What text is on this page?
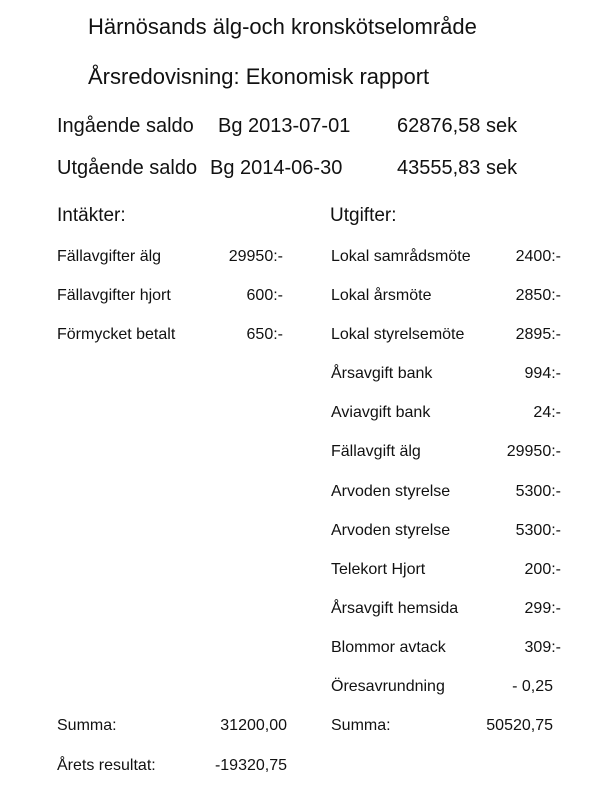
Härnösands älg-och kronskötselområde
Årsredovisning: Ekonomisk rapport
Ingående saldo Bg 2013-07-01 62876,58 sek
Utgående saldo Bg 2014-06-30	43555,83 sek
Intäkter:	Utgifter:
Fällavgifter älg	29950:-
Fällavgifter hjort	600:-
Förmycket betalt	650:-
Lokal samrådsmöte	2400:-
Lokal årsmöte	2850:-
Lokal styrelsemöte	2895:-
Årsavgift bank	994:-
Aviavgift bank	24:-
Fällavgift älg	29950:-
Arvoden styrelse	5300:-
Arvoden styrelse	5300:-
Telekort Hjort	200:-
Årsavgift hemsida	299:-
Blommor avtack	309:-
Öresavrundning	- 0,25
Summa:	31200,00	Summa:	50520,75
Årets resultat:	-19320,75
